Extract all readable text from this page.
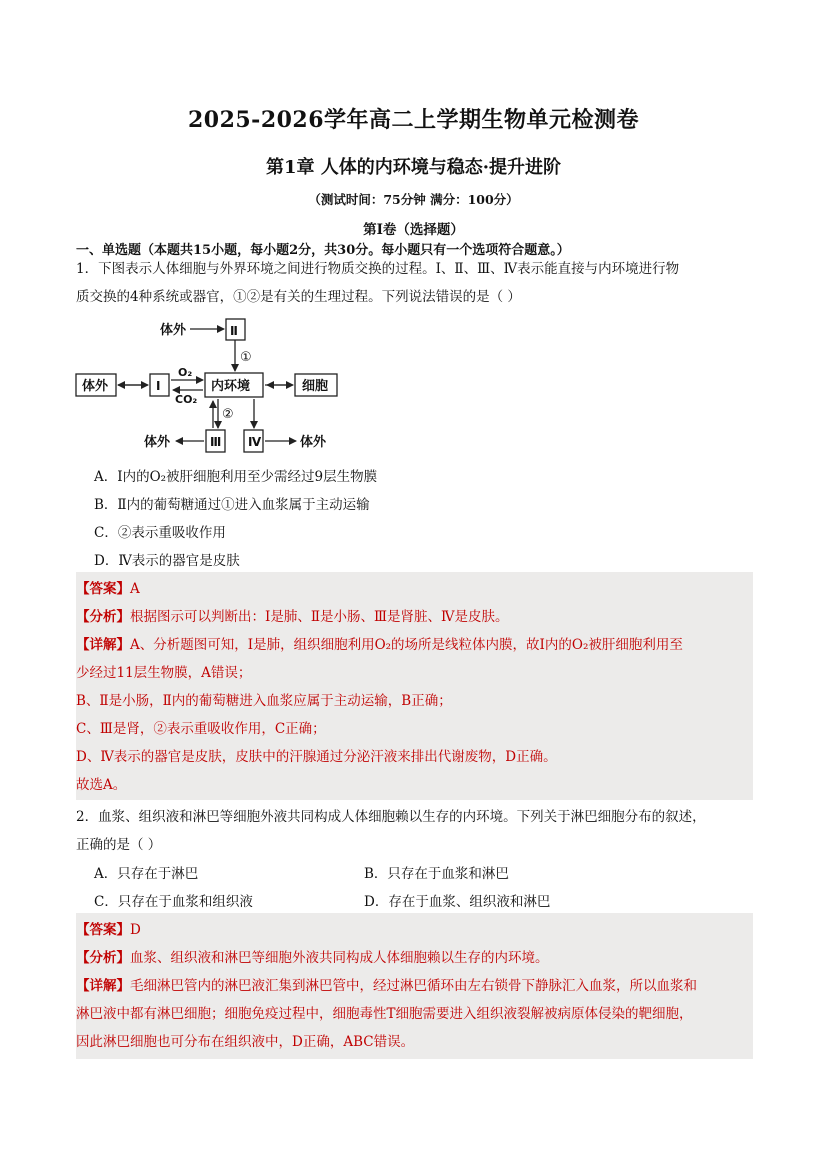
2025-2026学年高二上学期生物单元检测卷
第1章 人体的内环境与稳态·提升进阶
（测试时间：75分钟 满分：100分）
第Ⅰ卷（选择题）
一、单选题（本题共15小题，每小题2分，共30分。每小题只有一个选项符合题意。）
1．下图表示人体细胞与外界环境之间进行物质交换的过程。Ⅰ、Ⅱ、Ⅲ、Ⅳ表示能直接与内环境进行物
质交换的4种系统或器官，①②是有关的生理过程。下列说法错误的是（ ）
体外	Ⅱ
①
体外	Ⅰ
O₂
CO₂
内环境	细胞
②
Ⅲ Ⅳ
体外	体外
A．Ⅰ内的O₂被肝细胞利用至少需经过9层生物膜
B．Ⅱ内的葡萄糖通过①进入血浆属于主动运输
C．②表示重吸收作用
D．Ⅳ表示的器官是皮肤
【答案】A
【分析】根据图示可以判断出：Ⅰ是肺、Ⅱ是小肠、Ⅲ是肾脏、Ⅳ是皮肤。
【详解】A、分析题图可知，Ⅰ是肺，组织细胞利用O₂的场所是线粒体内膜，故Ⅰ内的O₂被肝细胞利用至
少经过11层生物膜，A错误；
B、Ⅱ是小肠，Ⅱ内的葡萄糖进入血浆应属于主动运输，B正确；
C、Ⅲ是肾，②表示重吸收作用，C正确；
D、Ⅳ表示的器官是皮肤，皮肤中的汗腺通过分泌汗液来排出代谢废物，D正确。
故选A。
2．血浆、组织液和淋巴等细胞外液共同构成人体细胞赖以生存的内环境。下列关于淋巴细胞分布的叙述，
正确的是（ ）
A．只存在于淋巴	B．只存在于血浆和淋巴
C．只存在于血浆和组织液	D．存在于血浆、组织液和淋巴
【答案】D
【分析】血浆、组织液和淋巴等细胞外液共同构成人体细胞赖以生存的内环境。
【详解】毛细淋巴管内的淋巴液汇集到淋巴管中，经过淋巴循环由左右锁骨下静脉汇入血浆，所以血浆和
淋巴液中都有淋巴细胞；细胞免疫过程中，细胞毒性T细胞需要进入组织液裂解被病原体侵染的靶细胞，
因此淋巴细胞也可分布在组织液中，D正确，ABC错误。
